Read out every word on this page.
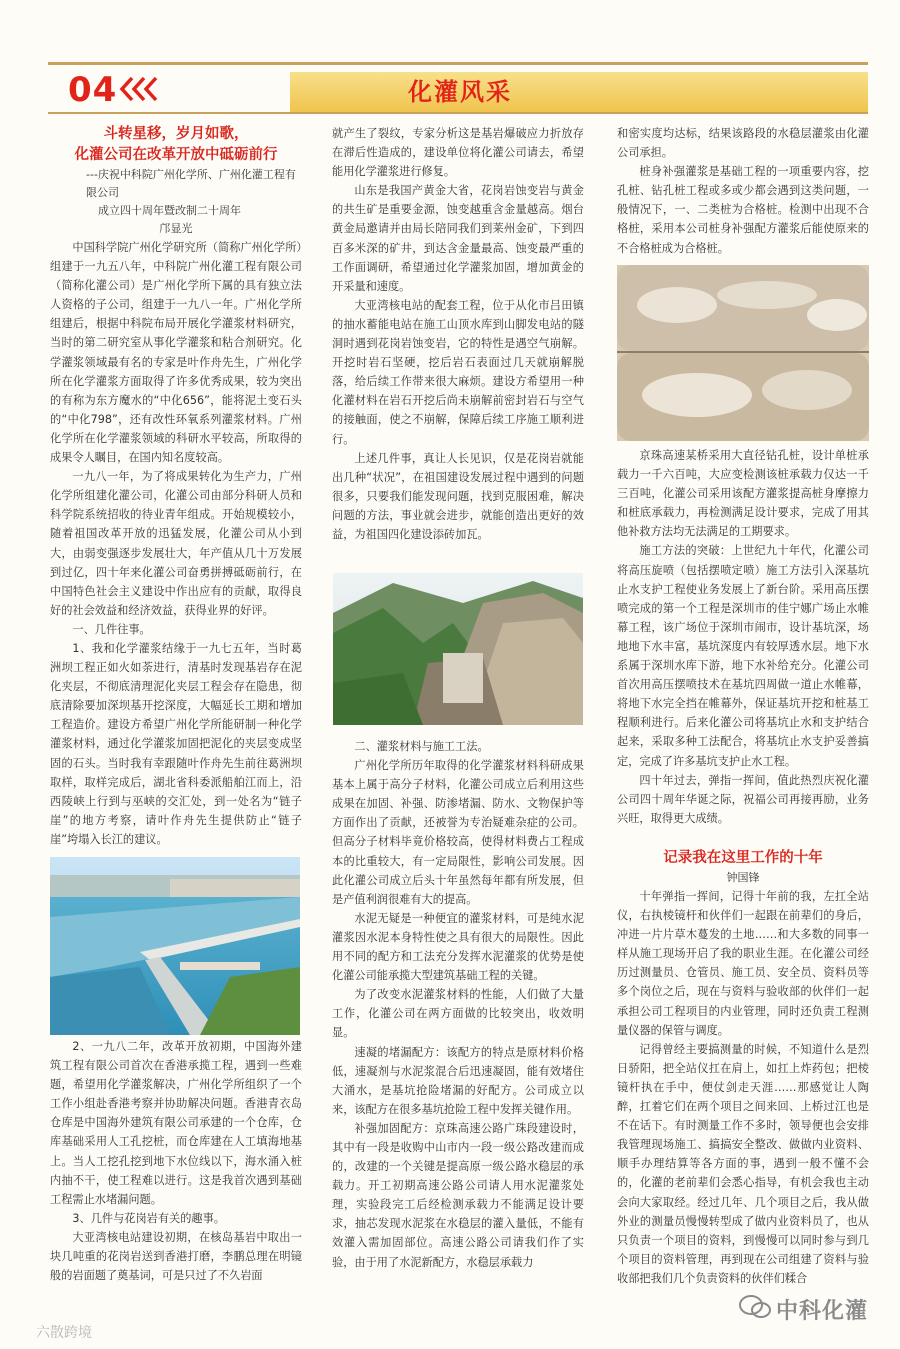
04	化灌风采
斗转星移，岁月如歌，
化灌公司在改革开放中砥砺前行
---庆祝中科院广州化学所、广州化灌工程有限公司
成立四十周年暨改制二十周年
邝显光

中国科学院广州化学研究所（简称广州化学所）组建于一九五八年，中科院广州化灌工程有限公司（简称化灌公司）是广州化学所下属的具有独立法人资格的子公司，组建于一九八一年。广州化学所组建后，根据中科院布局开展化学灌浆材料研究，当时的第二研究室从事化学灌浆和粘合剂研究。化学灌浆领域最有名的专家是叶作舟先生，广州化学所在化学灌浆方面取得了许多优秀成果，较为突出的有称为东方魔水的“中化656”，能将泥土变石头的“中化798”，还有改性环氧系列灌浆材料。广州化学所在化学灌浆领域的科研水平较高，所取得的成果令人瞩目，在国内知名度较高。

一九八一年，为了将成果转化为生产力，广州化学所组建化灌公司，化灌公司由部分科研人员和科学院系统招收的待业青年组成。开始规模较小，随着祖国改革开放的迅猛发展，化灌公司从小到大，由弱变强逐步发展壮大，年产值从几十万发展到过亿，四十年来化灌公司奋勇拼搏砥砺前行，在中国特色社会主义建设中作出应有的贡献，取得良好的社会效益和经济效益，获得业界的好评。

一、几件往事。

1、我和化学灌浆结缘于一九七五年，当时葛洲坝工程正如火如荼进行，清基时发现基岩存在泥化夹层，不彻底清理泥化夹层工程会存在隐患，彻底清除要加深坝基开挖深度，大幅延长工期和增加工程造价。建设方希望广州化学所能研制一种化学灌浆材料，通过化学灌浆加固把泥化的夹层变成坚固的石头。当时我有幸跟随叶作舟先生前往葛洲坝取样，取样完成后，湖北省科委派船舶江而上，沿西陵峡上行到与巫峡的交汇处，到一处名为“链子崖”的地方考察，请叶作舟先生提供防止“链子崖”垮塌入长江的建议。

2、一九八二年，改革开放初期，中国海外建筑工程有限公司首次在香港承揽工程，遇到一些难题，希望用化学灌浆解决，广州化学所组织了一个工作小组赴香港考察并协助解决问题。香港青衣岛仓库是中国海外建筑有限公司承建的一个仓库，仓库基础采用人工孔挖桩，而仓库建在人工填海地基上。当人工挖孔挖到地下水位线以下，海水涌入桩内抽不干，使工程难以进行。这是我首次遇到基础工程需止水堵漏问题。

3、几件与花岗岩有关的趣事。

大亚湾核电站建设初期，在核岛基岩中取出一块几吨重的花岗岩送到香港打磨，李鹏总理在明镜般的岩面题了奠基词，可是只过了不久岩面

就产生了裂纹，专家分析这是基岩爆破应力折放存在滞后性造成的，建设单位将化灌公司请去，希望能用化学灌浆进行修复。

山东是我国产黄金大省，花岗岩蚀变岩与黄金的共生矿是重要金源，蚀变越重含金量越高。烟台黄金局邀请并由局长陪同我们到莱州金矿，下到四百多米深的矿井，到达含金量最高、蚀变最严重的工作面调研，希望通过化学灌浆加固，增加黄金的开采量和速度。

大亚湾核电站的配套工程，位于从化市吕田镇的抽水蓄能电站在施工山顶水库到山脚发电站的隧洞时遇到花岗岩蚀变岩，它的特性是遇空气崩解。开挖时岩石坚硬，挖后岩石表面过几天就崩解脱落，给后续工作带来很大麻烦。建设方希望用一种化灌材料在岩石开挖后尚未崩解前密封岩石与空气的接触面，使之不崩解，保障后续工序施工顺利进行。

上述几件事，真让人长见识，仅是花岗岩就能出几种“状况”，在祖国建设发展过程中遇到的问题很多，只要我们能发现问题，找到克服困难，解决问题的方法，事业就会进步，就能创造出更好的效益，为祖国四化建设添砖加瓦。

二、灌浆材料与施工工法。

广州化学所历年取得的化学灌浆材料科研成果基本上属于高分子材料，化灌公司成立后利用这些成果在加固、补强、防渗堵漏、防水、文物保护等方面作出了贡献，还被誉为专治疑难杂症的公司。但高分子材料毕竟价格较高，使得材料费占工程成本的比重较大，有一定局限性，影响公司发展。因此化灌公司成立后头十年虽然每年都有所发展，但是产值利润很难有大的提高。

水泥无疑是一种便宜的灌浆材料，可是纯水泥灌浆因水泥本身特性使之具有很大的局限性。因此用不同的配方和工法充分发挥水泥灌浆的优势是使化灌公司能承揽大型建筑基础工程的关键。

为了改变水泥灌浆材料的性能，人们做了大量工作，化灌公司在两方面做的比较突出，收效明显。

速凝的堵漏配方：该配方的特点是原材料价格低，速凝剂与水泥浆混合后迅速凝固，能有效堵住大涌水，是基坑抢险堵漏的好配方。公司成立以来，该配方在很多基坑抢险工程中发挥关键作用。

补强加固配方：京珠高速公路广珠段建设时，其中有一段是收购中山市内一段一级公路改建而成的，改建的一个关键是提高原一级公路水稳层的承载力。开工初期高速公路公司请人用水泥灌浆处理，实验段完工后经检测承载力不能满足设计要求，抽芯发现水泥浆在水稳层的灌入量低，不能有效灌入需加固部位。高速公路公司请我们作了实验，由于用了水泥新配方，水稳层承载力

和密实度均达标，结果该路段的水稳层灌浆由化灌公司承担。

桩身补强灌浆是基础工程的一项重要内容，挖孔桩、钻孔桩工程或多或少都会遇到这类问题，一般情况下，一、二类桩为合格桩。检测中出现不合格桩，采用本公司桩身补强配方灌浆后能使原来的不合格桩成为合格桩。

京珠高速某桥采用大直径钻孔桩，设计单桩承载力一千六百吨，大应变检测该桩承载力仅达一千三百吨，化灌公司采用该配方灌浆提高桩身摩擦力和桩底承载力，再检测满足设计要求，完成了用其他补救方法均无法满足的工期要求。

施工方法的突破：上世纪九十年代，化灌公司将高压旋喷（包括摆喷定喷）施工方法引入深基坑止水支护工程使业务发展上了新台阶。采用高压摆喷完成的第一个工程是深圳市的佳宁娜广场止水帷幕工程，该广场位于深圳市闹市，设计基坑深，场地地下水丰富，基坑深度内有较厚透水层。地下水系属于深圳水库下游，地下水补给充分。化灌公司首次用高压摆喷技术在基坑四周做一道止水帷幕，将地下水完全挡在帷幕外，保证基坑开挖和桩基工程顺利进行。后来化灌公司将基坑止水和支护结合起来，采取多种工法配合，将基坑止水支护妥善搞定，完成了许多基坑支护止水工程。

四十年过去，弹指一挥间，值此热烈庆祝化灌公司四十周年华诞之际，祝福公司再接再励，业务兴旺，取得更大成绩。

记录我在这里工作的十年
钟国锋

十年弹指一挥间，记得十年前的我，左扛全站仪，右执棱镜杆和伙伴们一起跟在前辈们的身后，冲进一片片草木蔓发的土地……和大多数的同事一样从施工现场开启了我的职业生涯。在化灌公司经历过测量员、仓管员、施工员、安全员、资料员等多个岗位之后，现在与资料与验收部的伙伴们一起承担公司工程项目的内业管理，同时还负责工程测量仪器的保管与调度。

记得曾经主要搞测量的时候，不知道什么是烈日骄阳，把全站仪扛在肩上，如扛上炸药包；把棱镜杆执在手中，便仗剑走天涯……那感觉让人陶醉，扛着它们在两个项目之间来回、上桥过江也是不在话下。有时测量工作不多时，领导便也会安排我管理现场施工、搞搞安全整改、做做内业资料、顺手办理结算等各方面的事，遇到一般不懂不会的，化灌的老前辈们会悉心指导，有机会我也主动会向大家取经。经过几年、几个项目之后，我从做外业的测量员慢慢转型成了做内业资料员了，也从只负责一个项目的资料，到慢慢可以同时参与到几个项目的资料管理，再到现在公司组建了资料与验收部把我们几个负责资料的伙伴们糅合

中科化灌
六散跨境
